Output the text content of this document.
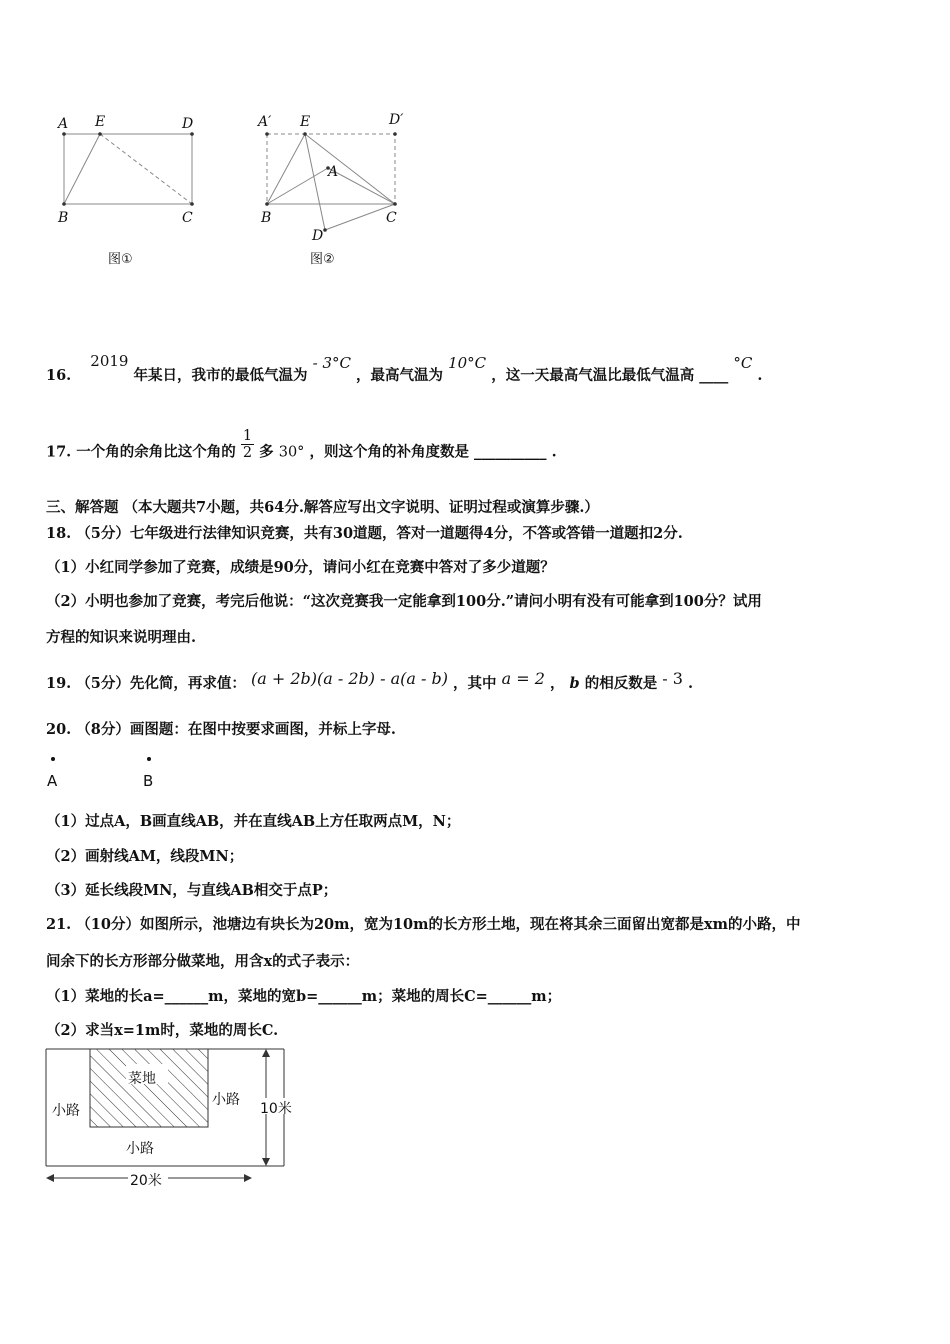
A E	D
B	C
图①
A′ E	D′
A
B	C
D
图②
16. 2019 年某日，我市的最低气温为 - 3°C ，最高气温为 10°C ，这一天最高气温比最低气温高 ____ °C .
17. 一个角的余角比这个角的 $\frac{1}{2}$ 多 30° ，则这个角的补角度数是 __________ .
三、解答题 （本大题共7小题，共64分.解答应写出文字说明、证明过程或演算步骤.）
18. （5分）七年级进行法律知识竞赛，共有30道题，答对一道题得4分，不答或答错一道题扣2分.
（1）小红同学参加了竞赛，成绩是90分，请问小红在竞赛中答对了多少道题？
（2）小明也参加了竞赛，考完后他说：“这次竞赛我一定能拿到100分.”请问小明有没有可能拿到100分？试用
方程的知识来说明理由.
19. （5分）先化简，再求值： (a + 2b)(a - 2b) - a(a - b) ，其中 a = 2 ， b 的相反数是 - 3 .
20. （8分）画图题：在图中按要求画图，并标上字母.
A	B
（1）过点A，B画直线AB，并在直线AB上方任取两点M，N；
（2）画射线AM，线段MN；
（3）延长线段MN，与直线AB相交于点P；
21. （10分）如图所示，池塘边有块长为20m，宽为10m的长方形土地，现在将其余三面留出宽都是xm的小路，中
间余下的长方形部分做菜地，用含x的式子表示：
（1）菜地的长a=______m，菜地的宽b=______m；菜地的周长C=______m；
（2）求当x=1m时，菜地的周长C.
菜地
小路
小路
小路
10米
20米
